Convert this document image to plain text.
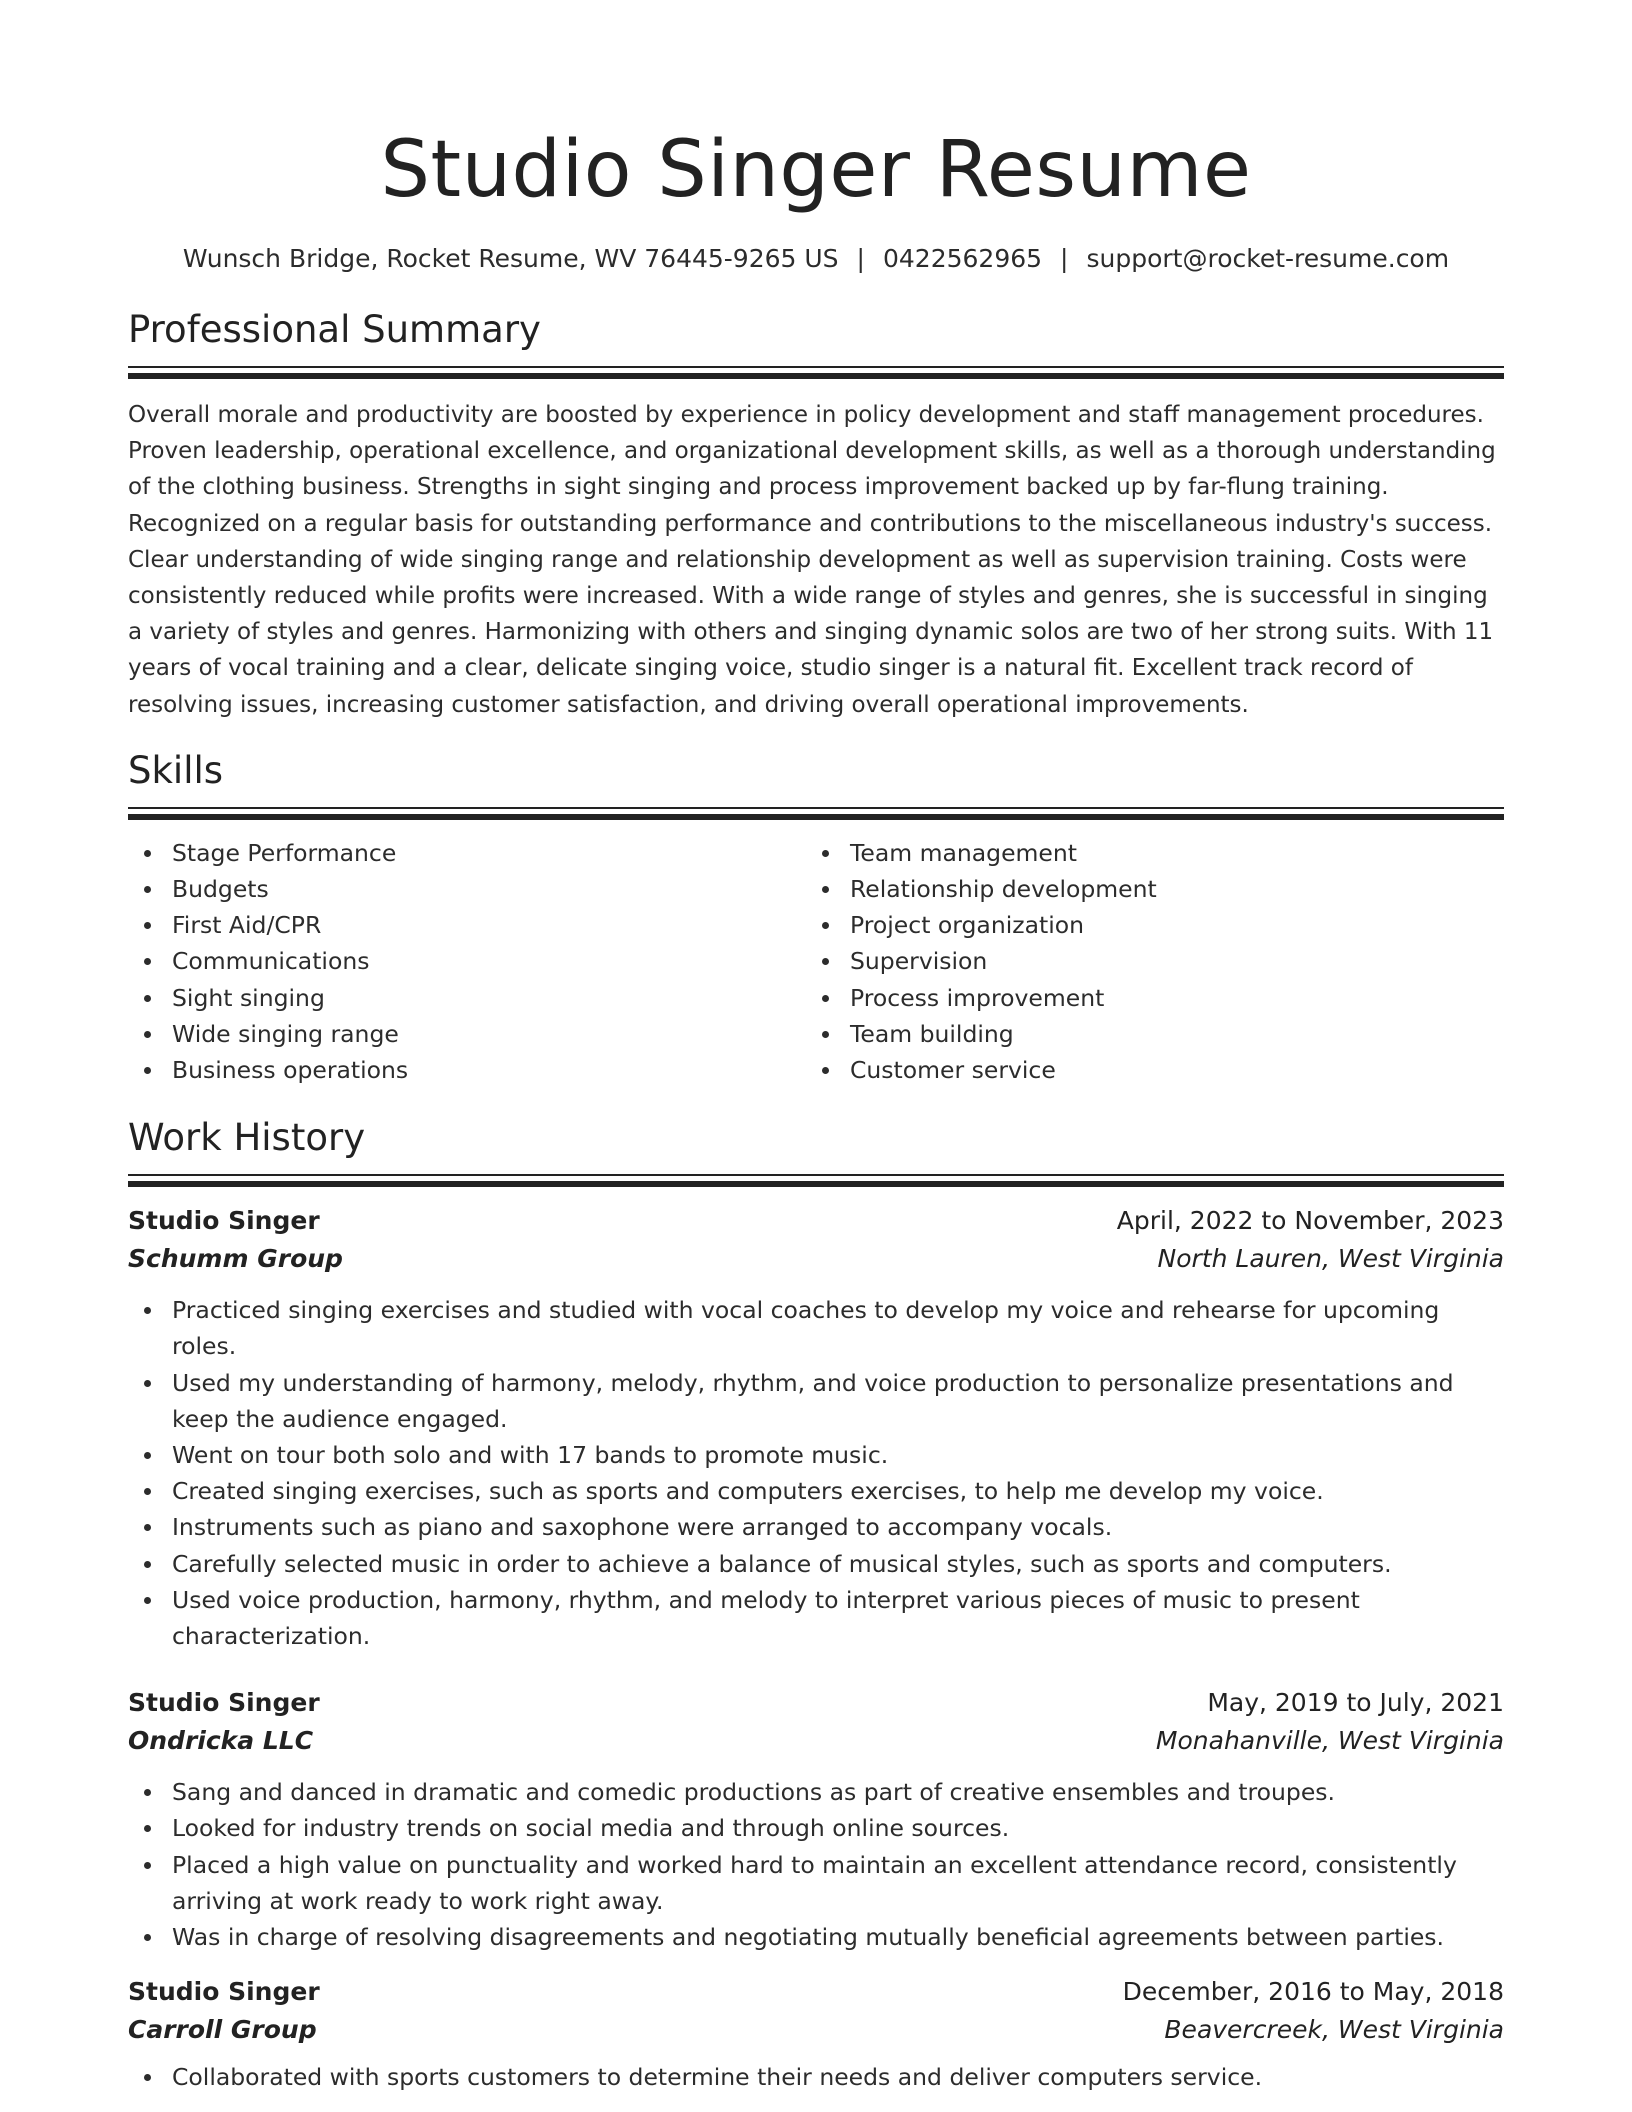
Studio Singer Resume
Wunsch Bridge, Rocket Resume, WV 76445-9265 US | 0422562965 | support@rocket-resume.com
Professional Summary

Overall morale and productivity are boosted by experience in policy development and staff management procedures. Proven leadership, operational excellence, and organizational development skills, as well as a thorough understanding of the clothing business. Strengths in sight singing and process improvement backed up by far-flung training. Recognized on a regular basis for outstanding performance and contributions to the miscellaneous industry's success. Clear understanding of wide singing range and relationship development as well as supervision training. Costs were consistently reduced while profits were increased. With a wide range of styles and genres, she is successful in singing a variety of styles and genres. Harmonizing with others and singing dynamic solos are two of her strong suits. With 11 years of vocal training and a clear, delicate singing voice, studio singer is a natural fit. Excellent track record of resolving issues, increasing customer satisfaction, and driving overall operational improvements.

Skills
Stage Performance
Budgets
First Aid/CPR
Communications
Sight singing
Wide singing range
Business operations
Team management
Relationship development
Project organization
Supervision
Process improvement
Team building
Customer service
Work History
Studio Singer	April, 2022 to November, 2023
Schumm Group	North Lauren, West Virginia
Practiced singing exercises and studied with vocal coaches to develop my voice and rehearse for upcoming roles.
Used my understanding of harmony, melody, rhythm, and voice production to personalize presentations and keep the audience engaged.
Went on tour both solo and with 17 bands to promote music.
Created singing exercises, such as sports and computers exercises, to help me develop my voice.
Instruments such as piano and saxophone were arranged to accompany vocals.
Carefully selected music in order to achieve a balance of musical styles, such as sports and computers.
Used voice production, harmony, rhythm, and melody to interpret various pieces of music to present characterization.
Studio Singer	May, 2019 to July, 2021
Ondricka LLC	Monahanville, West Virginia
Sang and danced in dramatic and comedic productions as part of creative ensembles and troupes.
Looked for industry trends on social media and through online sources.
Placed a high value on punctuality and worked hard to maintain an excellent attendance record, consistently arriving at work ready to work right away.
Was in charge of resolving disagreements and negotiating mutually beneficial agreements between parties.
Studio Singer	December, 2016 to May, 2018
Carroll Group	Beavercreek, West Virginia
Collaborated with sports customers to determine their needs and deliver computers service.
